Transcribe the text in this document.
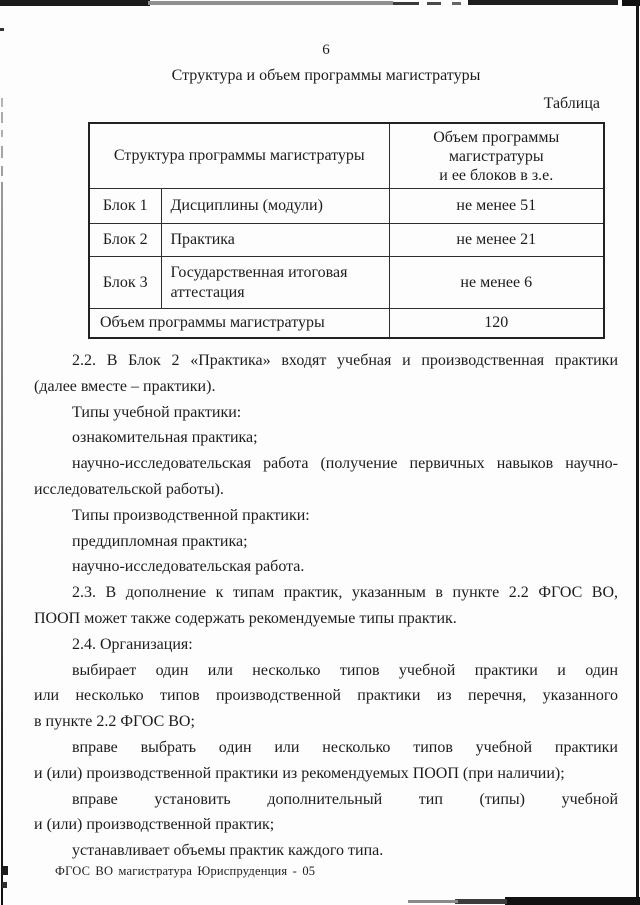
6
Структура и объем программы магистратуры
Таблица
Структура программы магистратуры		Объем программы
магистратуры
и ее блоков в з.е.

Блок 1	Дисциплины (модули)	не менее 51
Блок 2	Практика	не менее 21
Блок 3	Государственная итоговая аттестация	не менее 6
Объем программы магистратуры		120
2.2. В Блок 2 «Практика» входят учебная и производственная практики
(далее вместе – практики).
Типы учебной практики:
ознакомительная практика;
научно-исследовательская работа (получение первичных навыков научно-
исследовательской работы).
Типы производственной практики:
преддипломная практика;
научно-исследовательская работа.
2.3. В дополнение к типам практик, указанным в пункте 2.2 ФГОС ВО,
ПООП может также содержать рекомендуемые типы практик.
2.4. Организация:
выбирает один или несколько типов учебной практики и один
или несколько типов производственной практики из перечня, указанного
в пункте 2.2 ФГОС ВО;
вправе выбрать один или несколько типов учебной практики
и (или) производственной практики из рекомендуемых ПООП (при наличии);
вправе установить дополнительный тип (типы) учебной
и (или) производственной практик;
устанавливает объемы практик каждого типа.
ФГОС ВО магистратура Юриспруденция - 05
